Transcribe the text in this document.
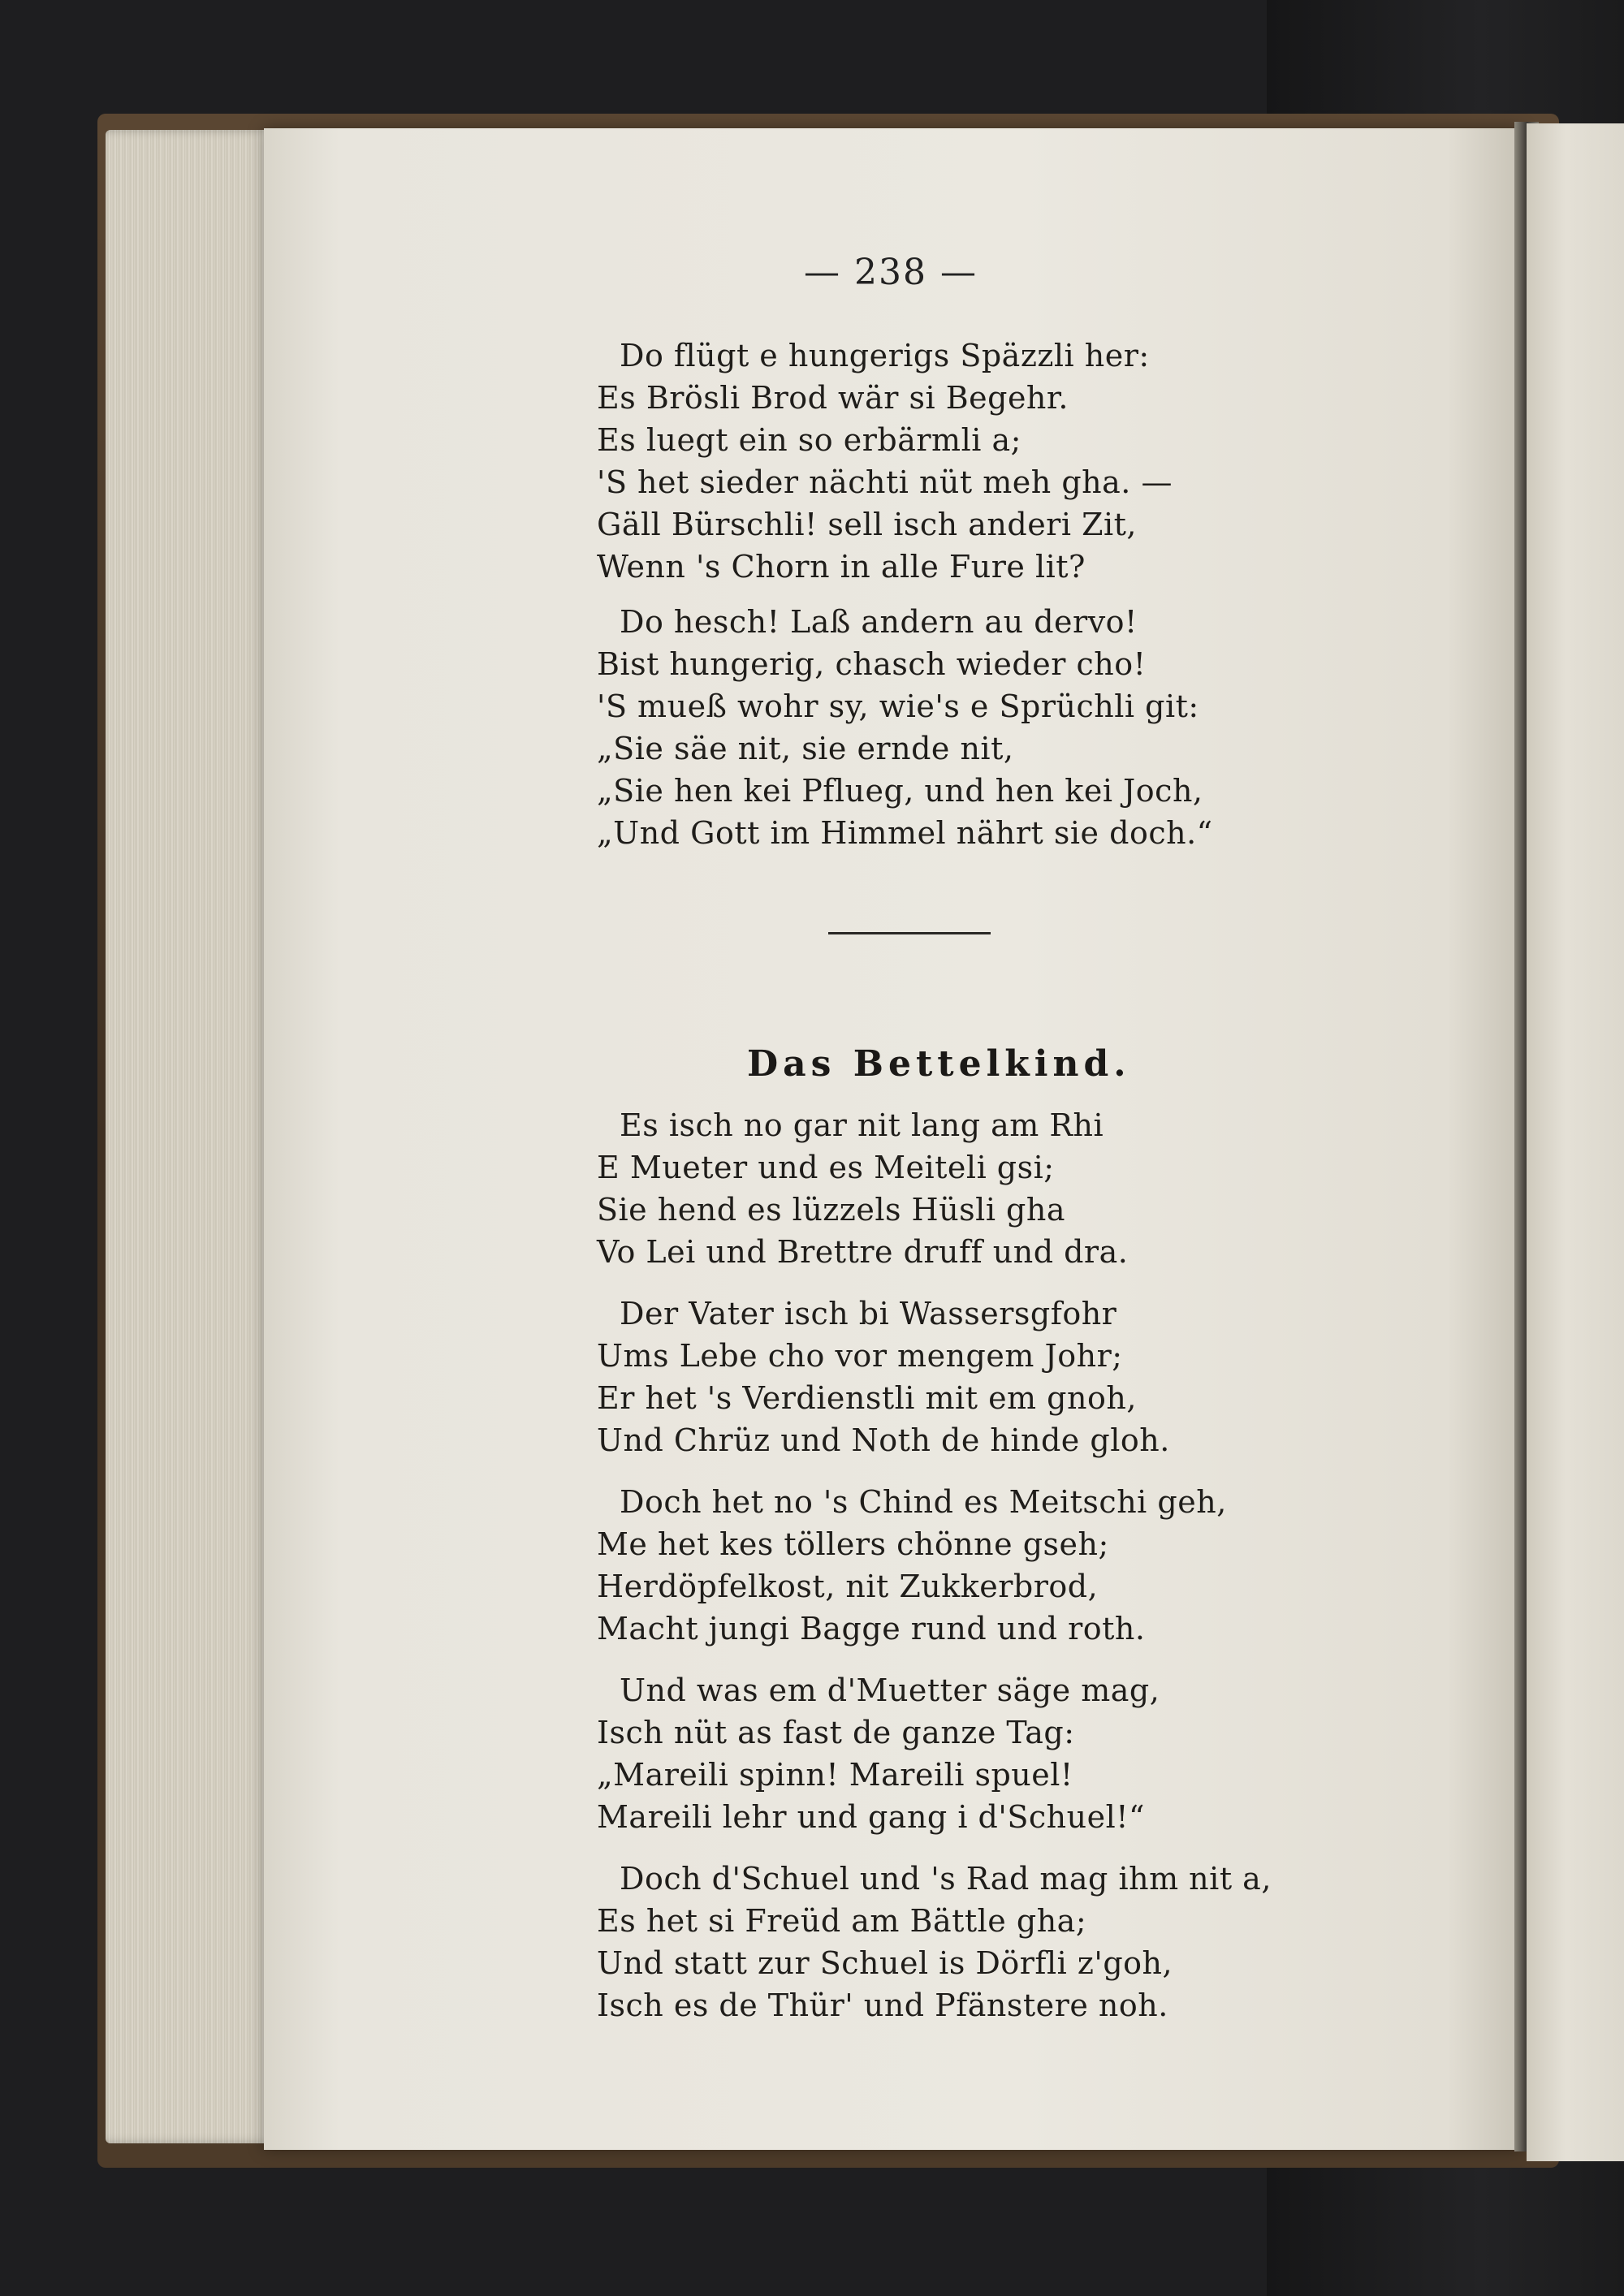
— 238 —
Do flügt e hungerigs Späzzli her:
Es Brösli Brod wär si Begehr.
Es luegt ein so erbärmli a;
'S het sieder nächti nüt meh gha. —
Gäll Bürschli! sell isch anderi Zit,
Wenn 's Chorn in alle Fure lit?
Do hesch! Laß andern au dervo!
Bist hungerig, chasch wieder cho!
'S mueß wohr sy, wie's e Sprüchli git:
„Sie säe nit, sie ernde nit,
„Sie hen kei Pflueg, und hen kei Joch,
„Und Gott im Himmel nährt sie doch.“
Das Bettelkind.
Es isch no gar nit lang am Rhi
E Mueter und es Meiteli gsi;
Sie hend es lüzzels Hüsli gha
Vo Lei und Brettre druff und dra.
Der Vater isch bi Wassersgfohr
Ums Lebe cho vor mengem Johr;
Er het 's Verdienstli mit em gnoh,
Und Chrüz und Noth de hinde gloh.
Doch het no 's Chind es Meitschi geh,
Me het kes töllers chönne gseh;
Herdöpfelkost, nit Zukkerbrod,
Macht jungi Bagge rund und roth.
Und was em d'Muetter säge mag,
Isch nüt as fast de ganze Tag:
„Mareili spinn! Mareili spuel!
Mareili lehr und gang i d'Schuel!“
Doch d'Schuel und 's Rad mag ihm nit a,
Es het si Freüd am Bättle gha;
Und statt zur Schuel is Dörfli z'goh,
Isch es de Thür' und Pfänstere noh.
